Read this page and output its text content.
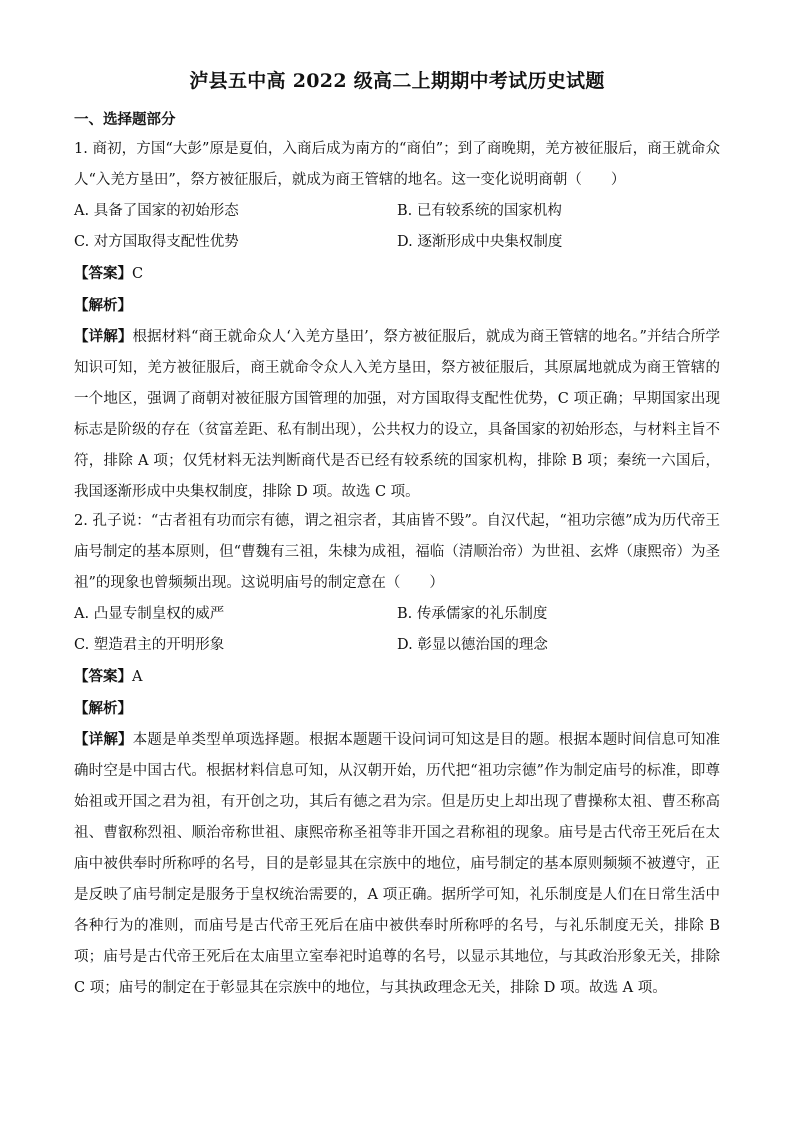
泸县五中高 2022 级高二上期期中考试历史试题
一、选择题部分

1. 商初，方国“大彭”原是夏伯，入商后成为南方的“商伯”；到了商晚期，羌方被征服后，商王就命众人“入羌方垦田”，祭方被征服后，就成为商王管辖的地名。这一变化说明商朝（　　）

A. 具备了国家的初始形态	B. 已有较系统的国家机构
C. 对方国取得支配性优势	D. 逐渐形成中央集权制度
【答案】C
【解析】

【详解】根据材料“商王就命众人‘入羌方垦田’，祭方被征服后，就成为商王管辖的地名。”并结合所学知识可知，羌方被征服后，商王就命令众人入羌方垦田，祭方被征服后，其原属地就成为商王管辖的一个地区，强调了商朝对被征服方国管理的加强，对方国取得支配性优势，C 项正确；早期国家出现标志是阶级的存在（贫富差距、私有制出现），公共权力的设立，具备国家的初始形态，与材料主旨不符，排除 A 项；仅凭材料无法判断商代是否已经有较系统的国家机构，排除 B 项；秦统一六国后，我国逐渐形成中央集权制度，排除 D 项。故选 C 项。

2. 孔子说：“古者祖有功而宗有德，谓之祖宗者，其庙皆不毁”。自汉代起，“祖功宗德”成为历代帝王庙号制定的基本原则，但“曹魏有三祖，朱棣为成祖，福临（清顺治帝）为世祖、玄烨（康熙帝）为圣祖”的现象也曾频频出现。这说明庙号的制定意在（　　）

A. 凸显专制皇权的威严	B. 传承儒家的礼乐制度
C. 塑造君主的开明形象	D. 彰显以德治国的理念
【答案】A
【解析】

【详解】本题是单类型单项选择题。根据本题题干设问词可知这是目的题。根据本题时间信息可知准确时空是中国古代。根据材料信息可知，从汉朝开始，历代把“祖功宗德”作为制定庙号的标准，即尊始祖或开国之君为祖，有开创之功，其后有德之君为宗。但是历史上却出现了曹操称太祖、曹丕称高祖、曹叡称烈祖、顺治帝称世祖、康熙帝称圣祖等非开国之君称祖的现象。庙号是古代帝王死后在太庙中被供奉时所称呼的名号，目的是彰显其在宗族中的地位，庙号制定的基本原则频频不被遵守，正是反映了庙号制定是服务于皇权统治需要的，A 项正确。据所学可知，礼乐制度是人们在日常生活中各种行为的准则，而庙号是古代帝王死后在庙中被供奉时所称呼的名号，与礼乐制度无关，排除 B 项；庙号是古代帝王死后在太庙里立室奉祀时追尊的名号，以显示其地位，与其政治形象无关，排除 C 项；庙号的制定在于彰显其在宗族中的地位，与其执政理念无关，排除 D 项。故选 A 项。
